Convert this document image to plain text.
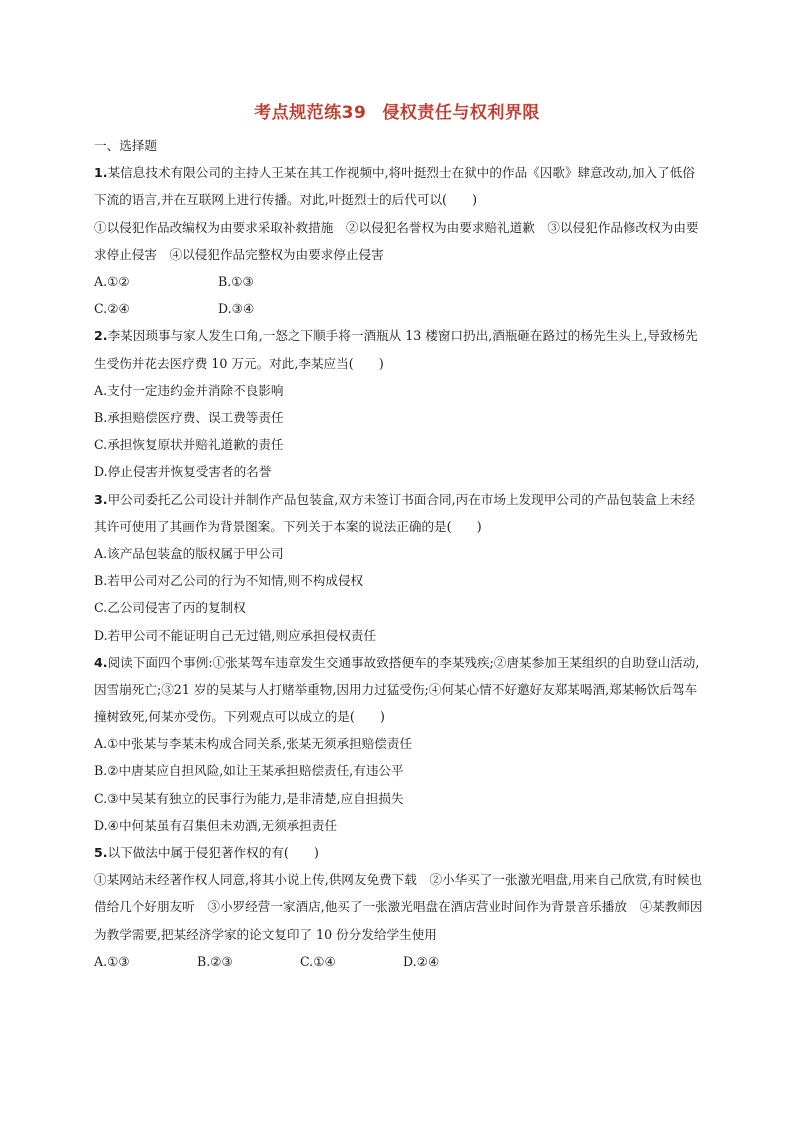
考点规范练39 侵权责任与权利界限
一、选择题
1.某信息技术有限公司的主持人王某在其工作视频中,将叶挺烈士在狱中的作品《囚歌》肆意改动,加入了低俗下流的语言,并在互联网上进行传播。对此,叶挺烈士的后代可以(　　)
①以侵犯作品改编权为由要求采取补救措施　②以侵犯名誉权为由要求赔礼道歉　③以侵犯作品修改权为由要求停止侵害　④以侵犯作品完整权为由要求停止侵害
A.①②	B.①③
C.②④	D.③④
2.李某因琐事与家人发生口角,一怒之下顺手将一酒瓶从 13 楼窗口扔出,酒瓶砸在路过的杨先生头上,导致杨先生受伤并花去医疗费 10 万元。对此,李某应当(　　)
A.支付一定违约金并消除不良影响
B.承担赔偿医疗费、误工费等责任
C.承担恢复原状并赔礼道歉的责任
D.停止侵害并恢复受害者的名誉
3.甲公司委托乙公司设计并制作产品包装盒,双方未签订书面合同,丙在市场上发现甲公司的产品包装盒上未经其许可使用了其画作为背景图案。下列关于本案的说法正确的是(　　)
A.该产品包装盒的版权属于甲公司
B.若甲公司对乙公司的行为不知情,则不构成侵权
C.乙公司侵害了丙的复制权
D.若甲公司不能证明自己无过错,则应承担侵权责任
4.阅读下面四个事例:①张某驾车违章发生交通事故致搭便车的李某残疾;②唐某参加王某组织的自助登山活动,因雪崩死亡;③21 岁的吴某与人打赌举重物,因用力过猛受伤;④何某心情不好邀好友郑某喝酒,郑某畅饮后驾车撞树致死,何某亦受伤。下列观点可以成立的是(　　)
A.①中张某与李某未构成合同关系,张某无须承担赔偿责任
B.②中唐某应自担风险,如让王某承担赔偿责任,有违公平
C.③中吴某有独立的民事行为能力,是非清楚,应自担损失
D.④中何某虽有召集但未劝酒,无须承担责任
5.以下做法中属于侵犯著作权的有(　　)
①某网站未经著作权人同意,将其小说上传,供网友免费下载　②小华买了一张激光唱盘,用来自己欣赏,有时候也借给几个好朋友听　③小罗经营一家酒店,他买了一张激光唱盘在酒店营业时间作为背景音乐播放　④某教师因为教学需要,把某经济学家的论文复印了 10 份分发给学生使用
A.①③	B.②③	C.①④	D.②④
